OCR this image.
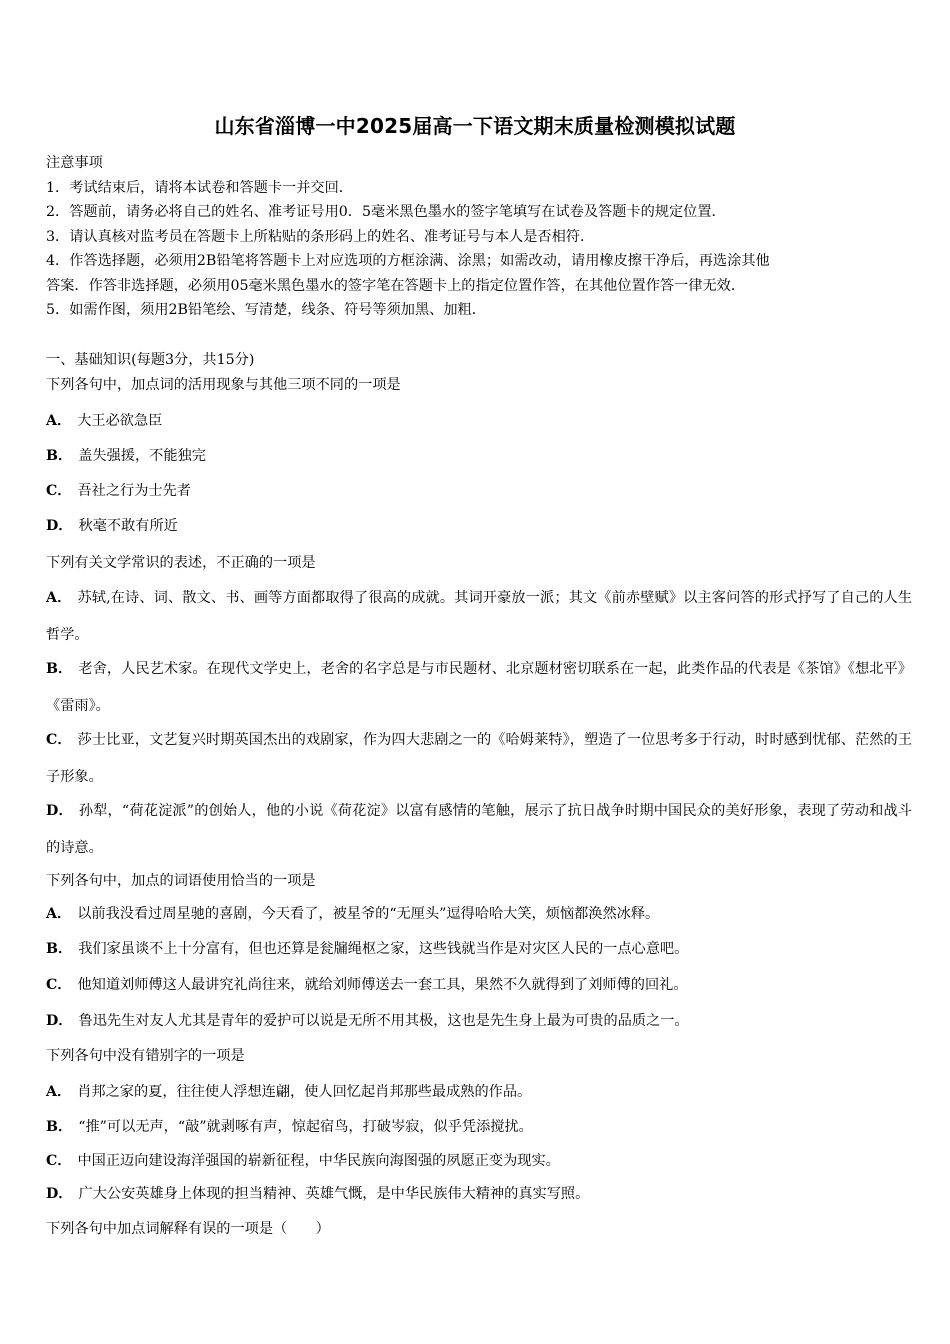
山东省淄博一中2025届高一下语文期末质量检测模拟试题
注意事项
1．考试结束后，请将本试卷和答题卡一并交回．
2．答题前，请务必将自己的姓名、准考证号用0．5毫米黑色墨水的签字笔填写在试卷及答题卡的规定位置．
3．请认真核对监考员在答题卡上所粘贴的条形码上的姓名、准考证号与本人是否相符．
4．作答选择题，必须用2B铅笔将答题卡上对应选项的方框涂满、涂黑；如需改动，请用橡皮擦干净后，再选涂其他
答案．作答非选择题，必须用05毫米黑色墨水的签字笔在答题卡上的指定位置作答，在其他位置作答一律无效．
5．如需作图，须用2B铅笔绘、写清楚，线条、符号等须加黑、加粗．
一、基础知识(每题3分，共15分)
下列各句中，加点词的活用现象与其他三项不同的一项是
A． 大王必欲急臣
B． 盖失强援，不能独完
C． 吾社之行为士先者
D． 秋毫不敢有所近
下列有关文学常识的表述，不正确的一项是
A． 苏轼,在诗、词、散文、书、画等方面都取得了很高的成就。其词开豪放一派；其文《前赤壁赋》以主客问答的形式抒写了自己的人生哲学。
B． 老舍，人民艺术家。在现代文学史上，老舍的名字总是与市民题材、北京题材密切联系在一起，此类作品的代表是《茶馆》《想北平》《雷雨》。
C． 莎士比亚，文艺复兴时期英国杰出的戏剧家，作为四大悲剧之一的《哈姆莱特》，塑造了一位思考多于行动，时时感到忧郁、茫然的王子形象。
D． 孙犁，“荷花淀派”的创始人，他的小说《荷花淀》以富有感情的笔触，展示了抗日战争时期中国民众的美好形象，表现了劳动和战斗的诗意。
下列各句中，加点的词语使用恰当的一项是
A． 以前我没看过周星驰的喜剧，今天看了，被星爷的“无厘头”逗得哈哈大笑，烦恼都涣然冰释。
B． 我们家虽谈不上十分富有，但也还算是瓮牖绳枢之家，这些钱就当作是对灾区人民的一点心意吧。
C． 他知道刘师傅这人最讲究礼尚往来，就给刘师傅送去一套工具，果然不久就得到了刘师傅的回礼。
D． 鲁迅先生对友人尤其是青年的爱护可以说是无所不用其极，这也是先生身上最为可贵的品质之一。
下列各句中没有错别字的一项是
A． 肖邦之家的夏，往往使人浮想连翩，使人回忆起肖邦那些最成熟的作品。
B． “推”可以无声，“敲”就剥啄有声，惊起宿鸟，打破岑寂，似乎凭添搅扰。
C． 中国正迈向建设海洋强国的崭新征程，中华民族向海图强的夙愿正变为现实。
D． 广大公安英雄身上体现的担当精神、英雄气慨，是中华民族伟大精神的真实写照。
下列各句中加点词解释有误的一项是（　　）
